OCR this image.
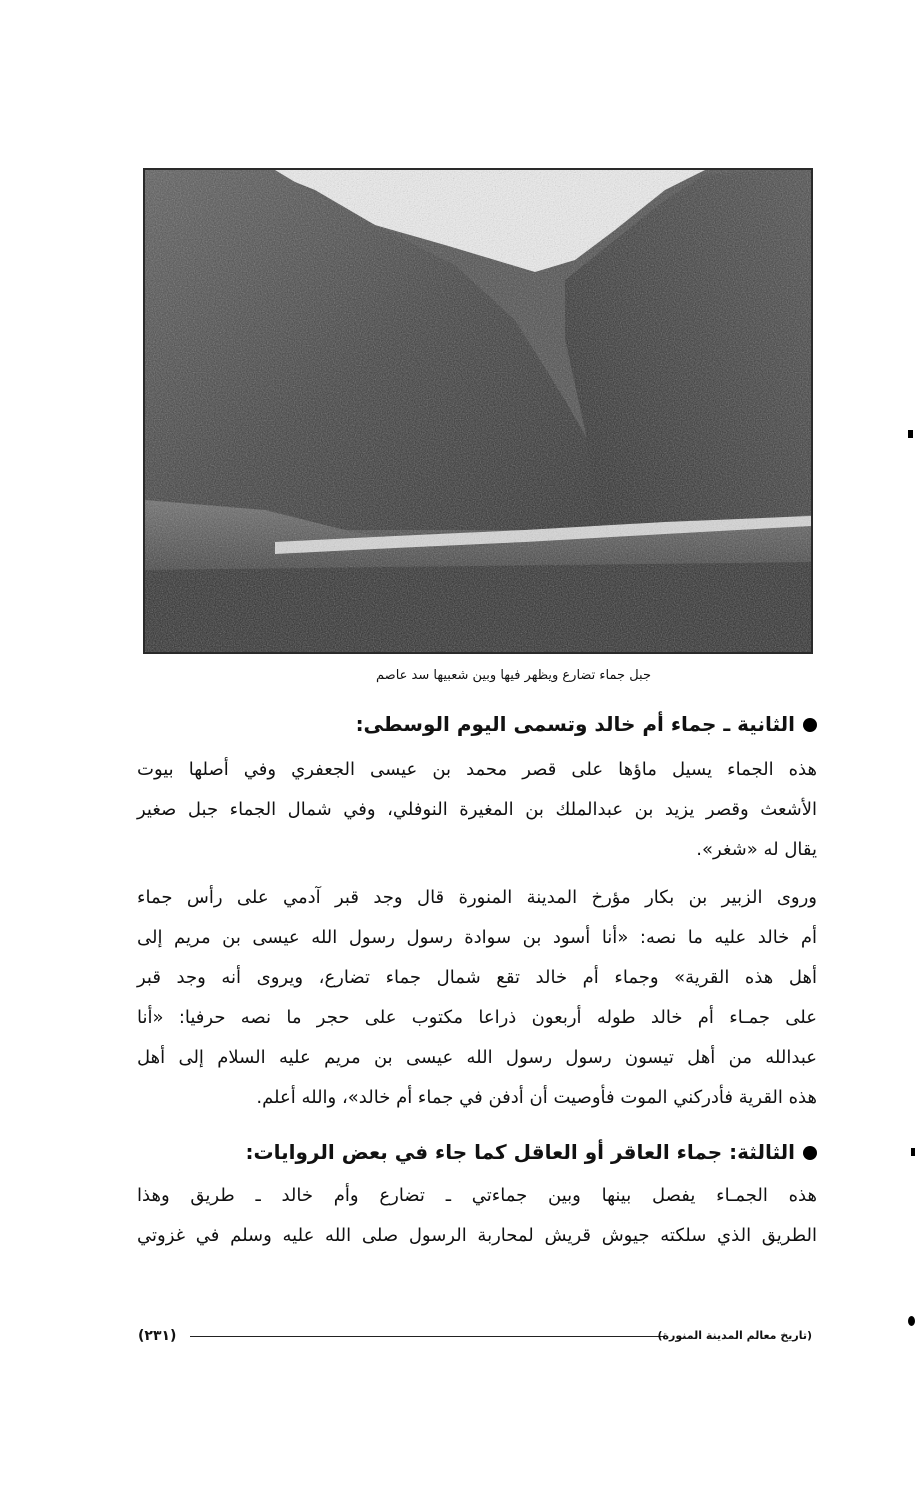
جبل جماء تضارع ويظهر فيها وبين شعبيها سد عاصم
الثانية ـ جماء أم خالد وتسمى اليوم الوسطى:
هذه الجماء يسيل ماؤها على قصر محمد بن عيسى الجعفري وفي أصلها بيوت
الأشعث وقصر يزيد بن عبدالملك بن المغيرة النوفلي، وفي شمال الجماء جبل صغير
يقال له «شغر».
وروى الزبير بن بكار مؤرخ المدينة المنورة قال وجد قبر آدمي على رأس جماء
أم خالد عليه ما نصه: «أنا أسود بن سوادة رسول رسول الله عيسى بن مريم إلى
أهل هذه القرية» وجماء أم خالد تقع شمال جماء تضارع، ويروى أنه وجد قبر
على جمـاء أم خالد طوله أربعون ذراعا مكتوب على حجر ما نصه حرفيا: «أنا
عبدالله من أهل تيسون رسول رسول الله عيسى بن مريم عليه السلام إلى أهل
هذه القرية فأدركني الموت فأوصيت أن أدفن في جماء أم خالد»، والله أعلم.
الثالثة: جماء العاقر أو العاقل كما جاء في بعض الروايات:
هذه الجمـاء يفصل بينها وبين جماءتي ـ تضارع وأم خالد ـ طريق وهذا
الطريق الذي سلكته جيوش قريش لمحاربة الرسول صلى الله عليه وسلم في غزوتي
(٢٣١)	(تاريخ معالم المدينة المنورة)
